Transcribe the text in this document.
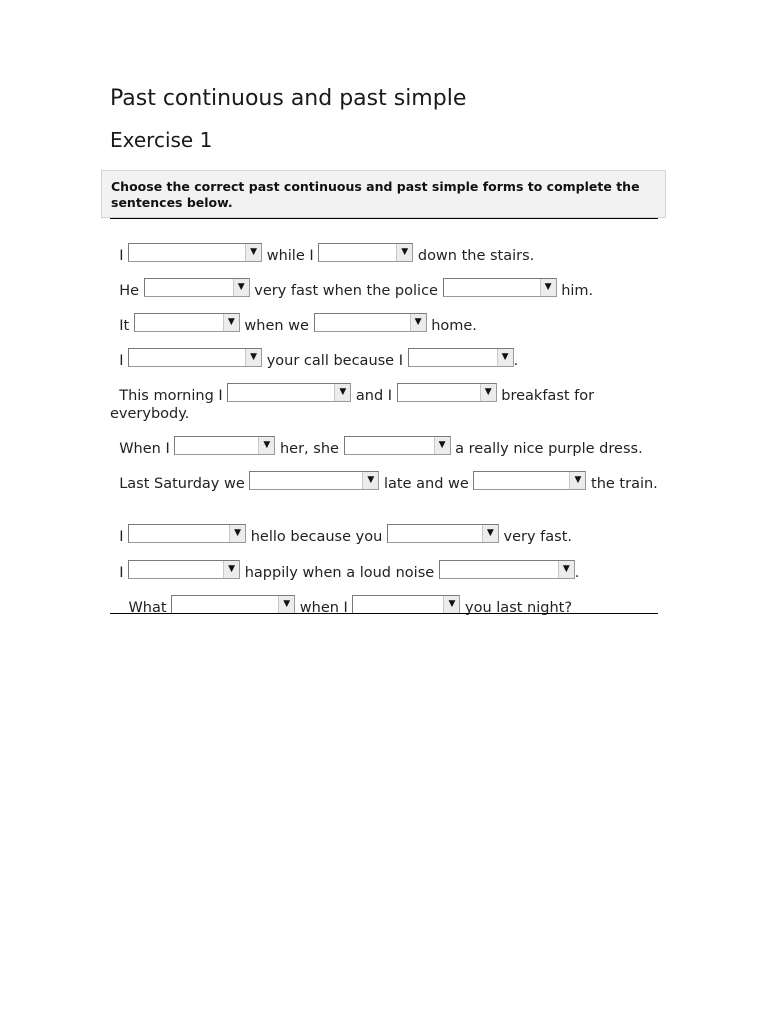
Past continuous and past simple
Exercise 1
Choose the correct past continuous and past simple forms to complete the sentences below.
I	▼ while I	▼ down the stairs.
He	▼ very fast when the police	▼ him.
It	▼ when we	▼ home.
I	▼ your call because I	▼ .
This morning I	▼ and I	▼ breakfast for everybody.
When I	▼ her, she	▼ a really nice purple dress.
Last Saturday we	▼ late and we	▼ the train.
I	▼ hello because you	▼ very fast.
I	▼ happily when a loud noise	▼ .
What	▼ when I	▼ you last night?
